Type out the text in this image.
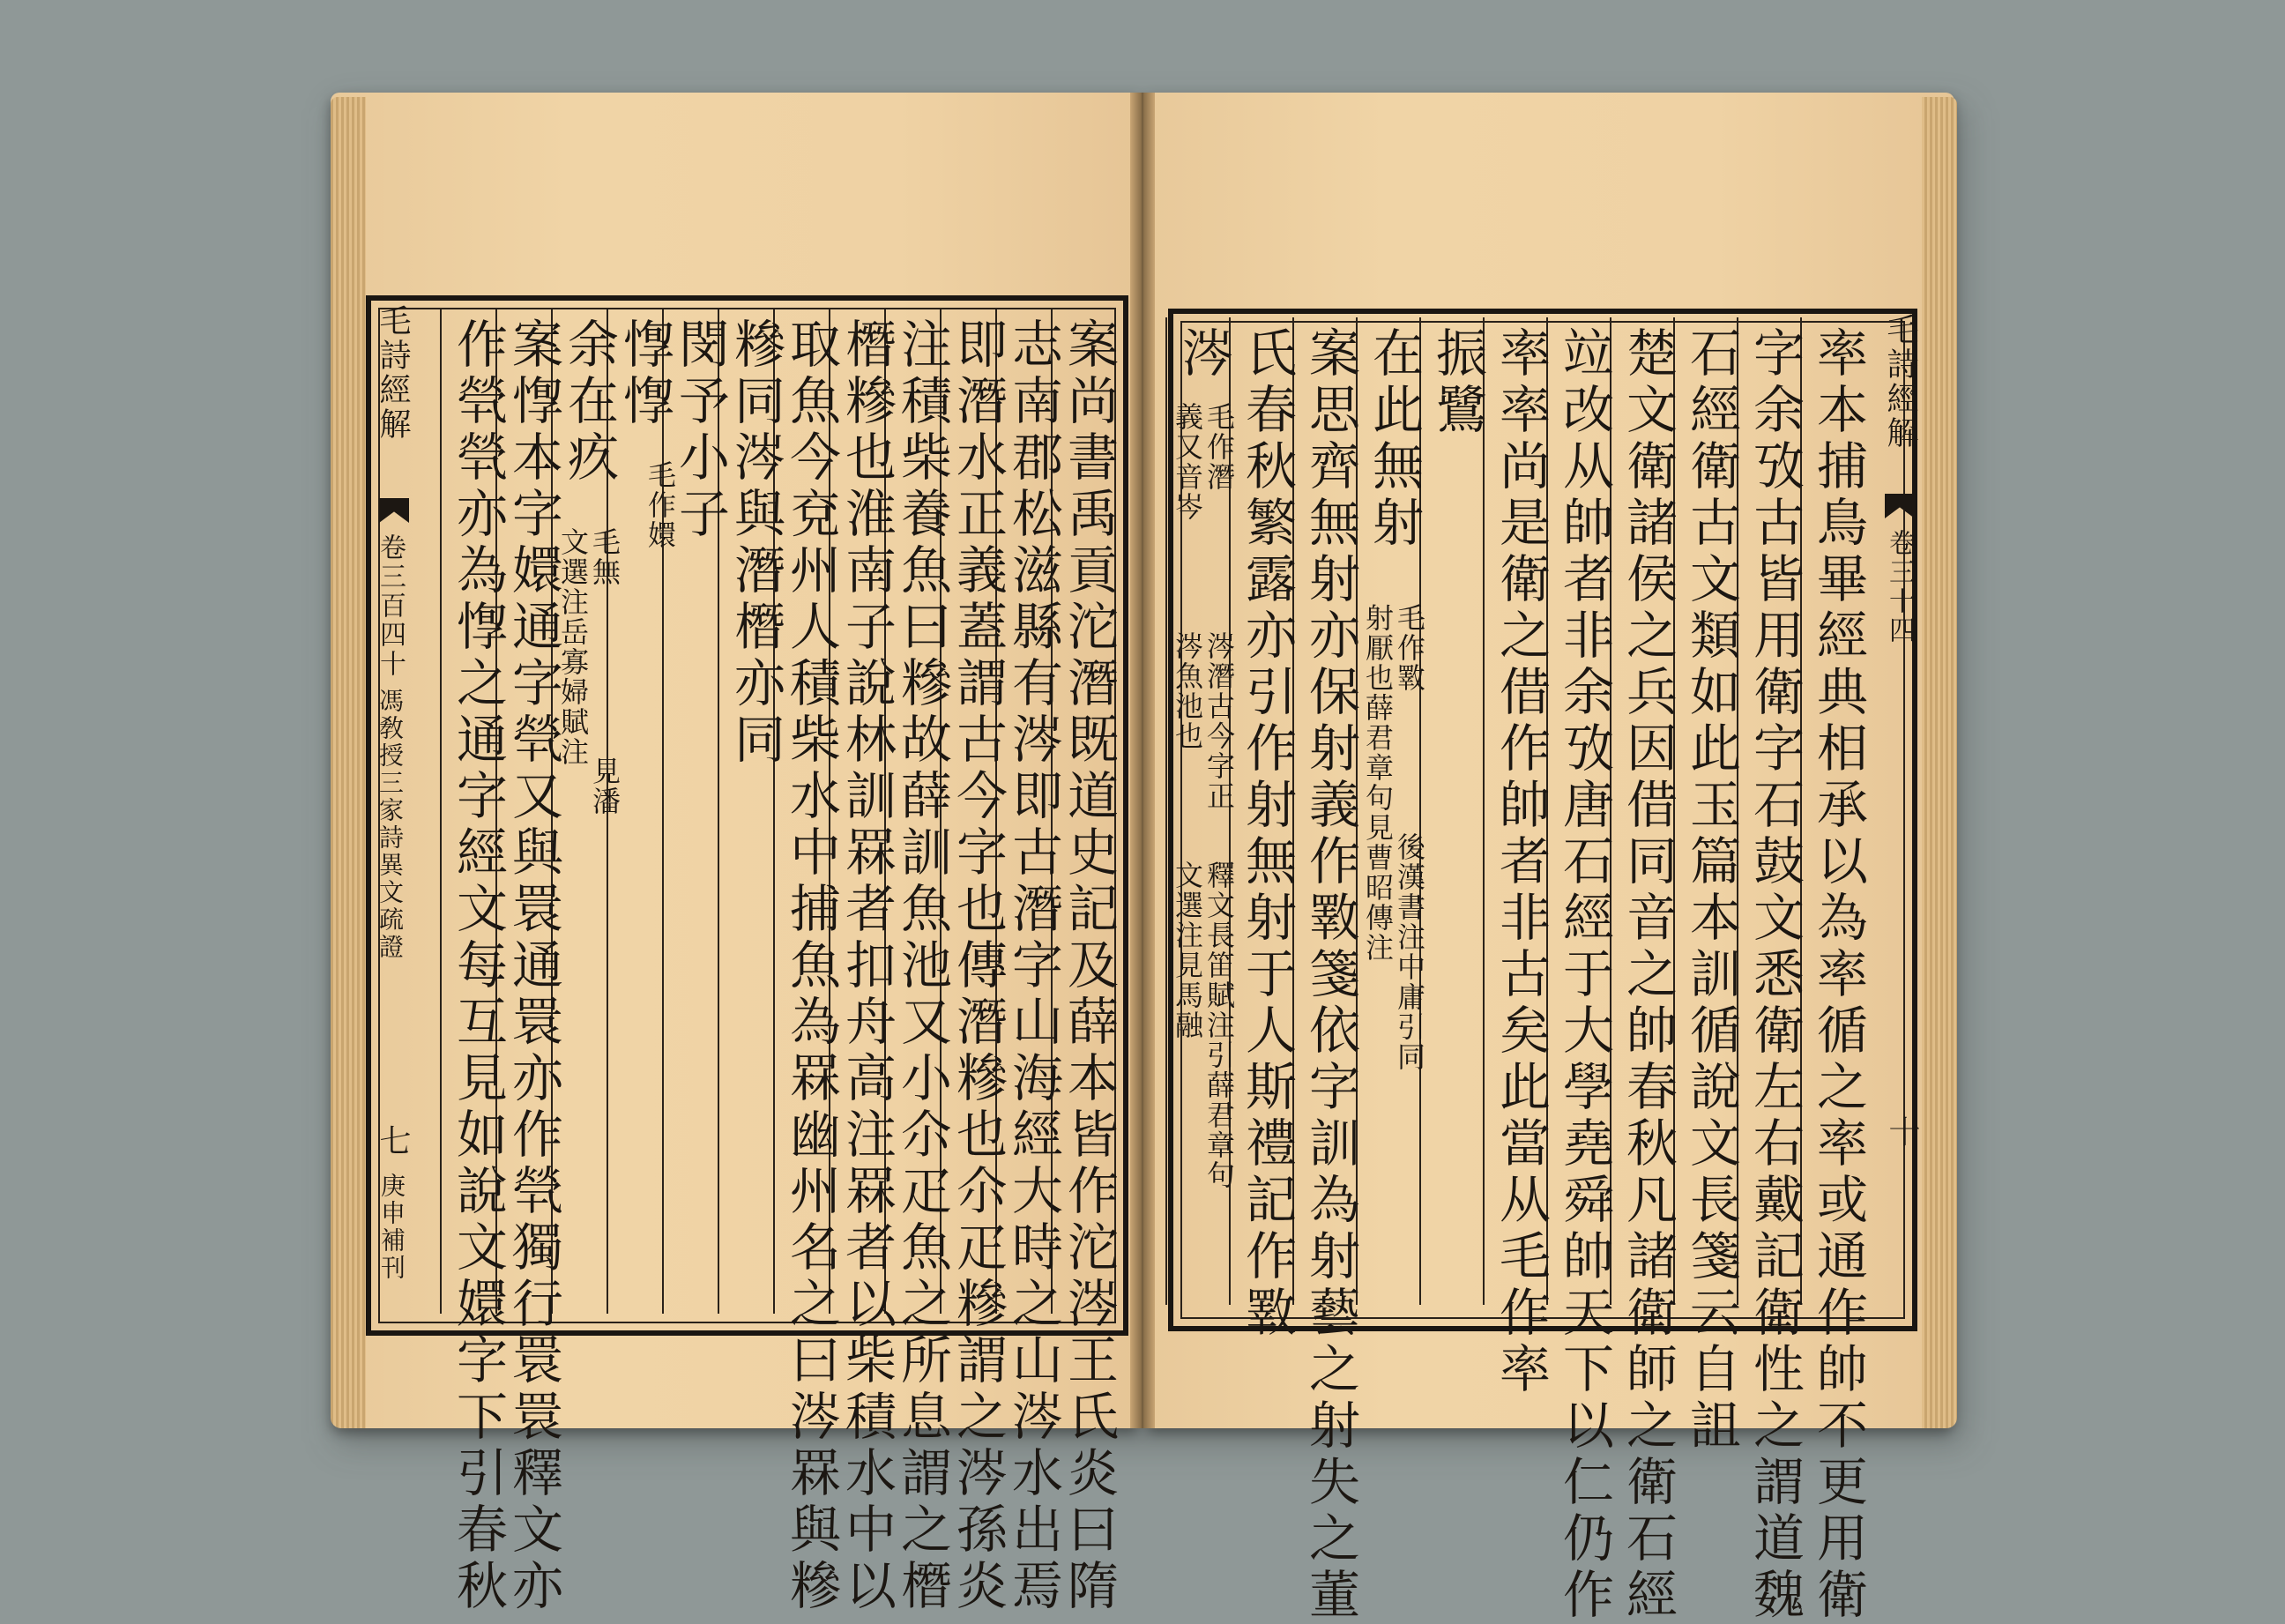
毛詩經解
卷三百四十
馮敎授三家詩異文疏證
七
庚申補刊	案尚書禹貢沱潛既道史記及薛本皆作沱涔王氏炎曰隋
志南郡松滋縣有涔即古潛字山海經大時之山涔水出焉
即潛水正義蓋謂古今字也傳潛糝也尒疋糝謂之涔孫炎
注積柴養魚曰糝故薛訓魚池又小尒疋魚之所息謂之橬
橬糝也淮南子說林訓罧者扣舟高注罧者以柴積水中以
取魚今兗州人積柴水中捕魚為罧幽州名之曰涔罧與糝
糝同涔與潛橬亦同
閔予小子
惸惸
毛作嬛
余在疚
毛無
文選注岳寡婦賦注
見潘
案惸本字嬛通字煢又與睘通睘亦作煢獨行睘睘釋文亦
作煢煢亦為惸之通字經文每互見如說文嬛字下引春秋	毛詩經解
卷三十四
十
率本捕鳥畢經典相承以為率循之率或通作帥不更用衛
字余攷古皆用衛字石鼓文悉衛左右戴記衛性之謂道魏
石經衛古文類如此玉篇本訓循說文長箋云自詛
楚文衛諸侯之兵因借同音之帥春秋凡諸衛師之衛石經
竝改从帥者非余攷唐石經于大學堯舜帥天下以仁仍作
率率尚是衛之借作帥者非古矣此當从毛作率
振鷺
在此無射
毛作斁
射厭也薛君章句見曹昭傳注
後漢書注中庸引同
案思齊無射亦保射義作斁箋依字訓為射藝之射失之董
氏春秋繁露亦引作射無射于人斯禮記作斁
涔
毛作潛
義又音岑
涔潛古今字正
涔魚池也
釋文長笛賦注引薛君章句
文選注見馬融
